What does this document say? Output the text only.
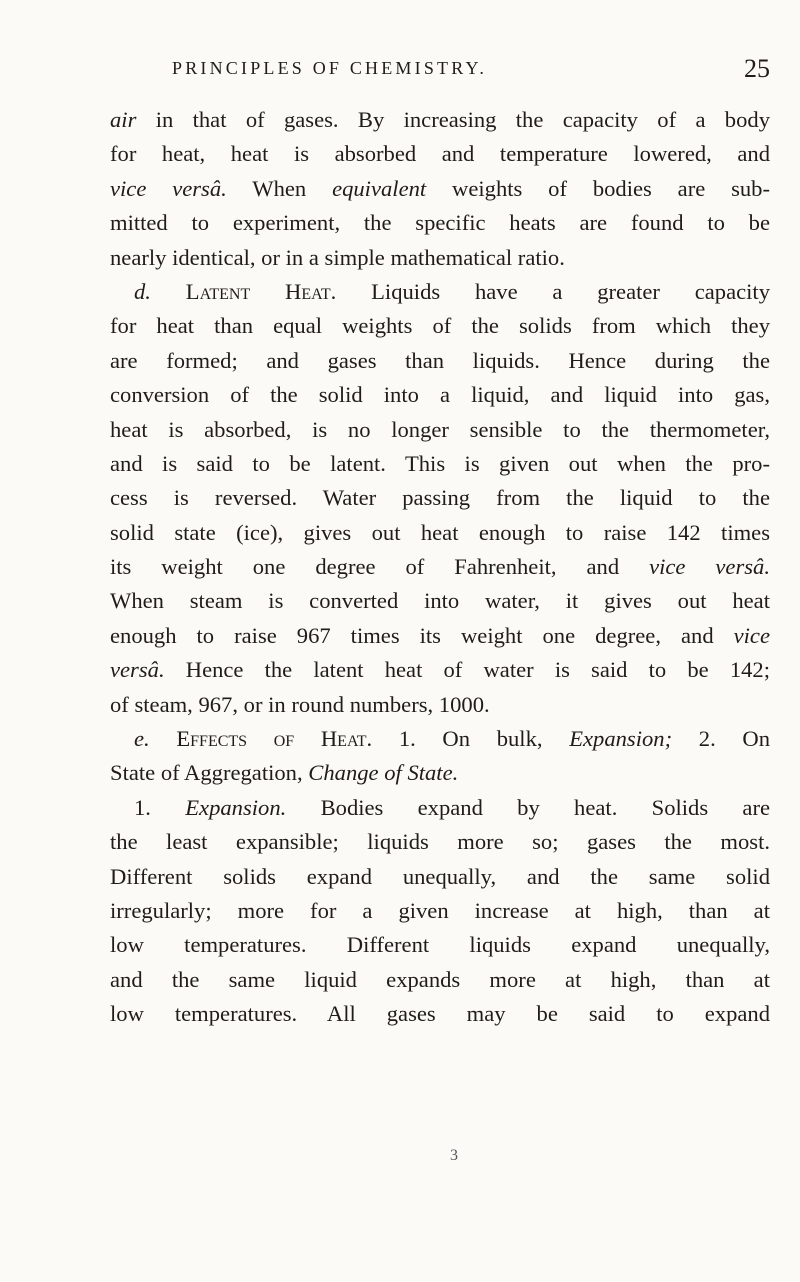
PRINCIPLES OF CHEMISTRY.	25
air in that of gases. By increasing the capacity of a body
for heat, heat is absorbed and temperature lowered, and
vice versâ. When equivalent weights of bodies are sub-
mitted to experiment, the specific heats are found to be
nearly identical, or in a simple mathematical ratio.
d. Latent Heat. Liquids have a greater capacity
for heat than equal weights of the solids from which they
are formed; and gases than liquids. Hence during the
conversion of the solid into a liquid, and liquid into gas,
heat is absorbed, is no longer sensible to the thermometer,
and is said to be latent. This is given out when the pro-
cess is reversed. Water passing from the liquid to the
solid state (ice), gives out heat enough to raise 142 times
its weight one degree of Fahrenheit, and vice versâ.
When steam is converted into water, it gives out heat
enough to raise 967 times its weight one degree, and vice
versâ. Hence the latent heat of water is said to be 142;
of steam, 967, or in round numbers, 1000.
e. Effects of Heat. 1. On bulk, Expansion; 2. On
State of Aggregation, Change of State.
1. Expansion. Bodies expand by heat. Solids are
the least expansible; liquids more so; gases the most.
Different solids expand unequally, and the same solid
irregularly; more for a given increase at high, than at
low temperatures. Different liquids expand unequally,
and the same liquid expands more at high, than at
low temperatures. All gases may be said to expand
3
